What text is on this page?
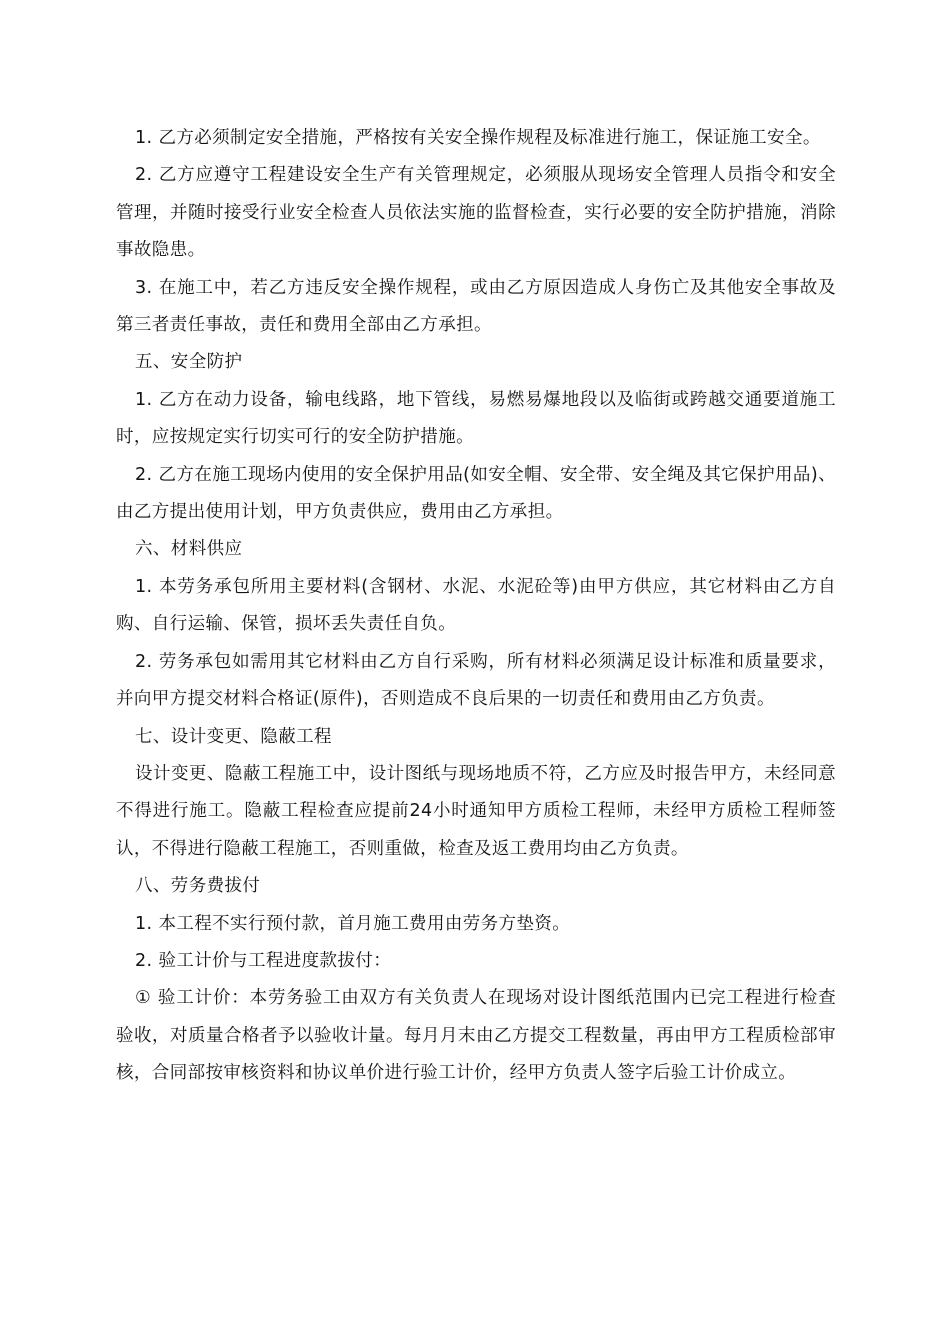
1. 乙方必须制定安全措施，严格按有关安全操作规程及标准进行施工，保证施工安全。

2. 乙方应遵守工程建设安全生产有关管理规定，必须服从现场安全管理人员指令和安全管理，并随时接受行业安全检查人员依法实施的监督检查，实行必要的安全防护措施，消除事故隐患。

3. 在施工中，若乙方违反安全操作规程，或由乙方原因造成人身伤亡及其他安全事故及第三者责任事故，责任和费用全部由乙方承担。

五、安全防护

1. 乙方在动力设备，输电线路，地下管线，易燃易爆地段以及临街或跨越交通要道施工时，应按规定实行切实可行的安全防护措施。

2. 乙方在施工现场内使用的安全保护用品(如安全帽、安全带、安全绳及其它保护用品)、由乙方提出使用计划，甲方负责供应，费用由乙方承担。

六、材料供应

1. 本劳务承包所用主要材料(含钢材、水泥、水泥砼等)由甲方供应，其它材料由乙方自购、自行运输、保管，损坏丢失责任自负。

2. 劳务承包如需用其它材料由乙方自行采购，所有材料必须满足设计标准和质量要求，并向甲方提交材料合格证(原件)，否则造成不良后果的一切责任和费用由乙方负责。

七、设计变更、隐蔽工程

设计变更、隐蔽工程施工中，设计图纸与现场地质不符，乙方应及时报告甲方，未经同意不得进行施工。隐蔽工程检查应提前24小时通知甲方质检工程师，未经甲方质检工程师签认，不得进行隐蔽工程施工，否则重做，检查及返工费用均由乙方负责。

八、劳务费拔付

1. 本工程不实行预付款，首月施工费用由劳务方垫资。

2. 验工计价与工程进度款拔付：

① 验工计价：本劳务验工由双方有关负责人在现场对设计图纸范围内已完工程进行检查验收，对质量合格者予以验收计量。每月月末由乙方提交工程数量，再由甲方工程质检部审核，合同部按审核资料和协议单价进行验工计价，经甲方负责人签字后验工计价成立。
